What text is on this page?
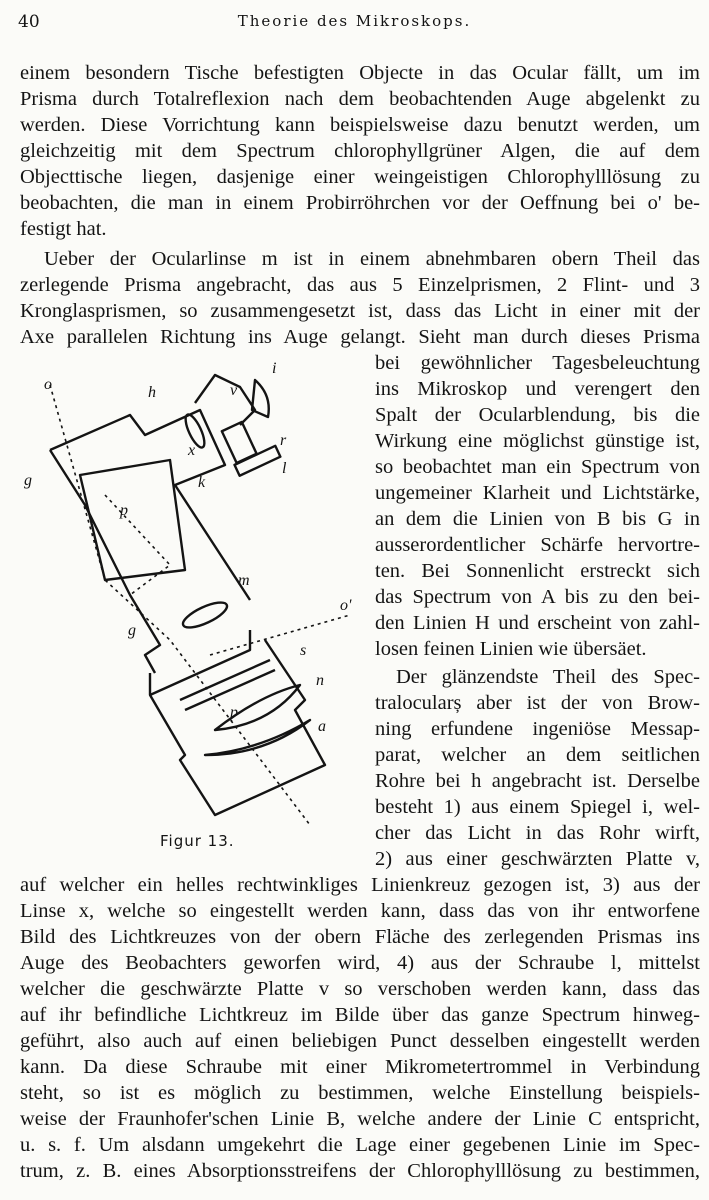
40	Theorie des Mikroskops.
einem besondern Tische befestigten Objecte in das Ocular fällt, um im
Prisma durch Totalreflexion nach dem beobachtenden Auge abgelenkt zu
werden. Diese Vorrichtung kann beispielsweise dazu benutzt werden, um
gleichzeitig mit dem Spectrum chlorophyllgrüner Algen, die auf dem
Objecttische liegen, dasjenige einer weingeistigen Chlorophylllösung zu
beobachten, die man in einem Probirröhrchen vor der Oeffnung bei o' be-
festigt hat.
Ueber der Ocularlinse m ist in einem abnehmbaren obern Theil das
zerlegende Prisma angebracht, das aus 5 Einzelprismen, 2 Flint- und 3
Kronglasprismen, so zusammengesetzt ist, dass das Licht in einer mit der
Axe parallelen Richtung ins Auge gelangt. Sieht man durch dieses Prisma
bei gewöhnlicher Tagesbeleuchtung
ins Mikroskop und verengert den
Spalt der Ocularblendung, bis die
Wirkung eine möglichst günstige ist,
so beobachtet man ein Spectrum von
ungemeiner Klarheit und Lichtstärke,
an dem die Linien von B bis G in
ausserordentlicher Schärfe hervortre-
ten. Bei Sonnenlicht erstreckt sich
das Spectrum von A bis zu den bei-
den Linien H und erscheint von zahl-
losen feinen Linien wie übersäet.
Der glänzendste Theil des Spec-
tralocularș aber ist der von Brow-
ning erfundene ingeniöse Messap-
parat, welcher an dem seitlichen
Rohre bei h angebracht ist. Derselbe
besteht 1) aus einem Spiegel i, wel-
cher das Licht in das Rohr wirft,
2) aus einer geschwärzten Platte v,
auf welcher ein helles rechtwinkliges Linienkreuz gezogen ist, 3) aus der
Linse x, welche so eingestellt werden kann, dass das von ihr entworfene
Bild des Lichtkreuzes von der obern Fläche des zerlegenden Prismas ins
Auge des Beobachters geworfen wird, 4) aus der Schraube l, mittelst
welcher die geschwärzte Platte v so verschoben werden kann, dass das
auf ihr befindliche Lichtkreuz im Bilde über das ganze Spectrum hinweg-
geführt, also auch auf einen beliebigen Punct desselben eingestellt werden
kann. Da diese Schraube mit einer Mikrometertrommel in Verbindung
steht, so ist es möglich zu bestimmen, welche Einstellung beispiels-
weise der Fraunhofer'schen Linie B, welche andere der Linie C entspricht,
u. s. f. Um alsdann umgekehrt die Lage einer gegebenen Linie im Spec-
trum, z. B. eines Absorptionsstreifens der Chlorophylllösung zu bestimmen,
o	h
i
v
r
x
l
k
g
p
m
g
o'
s
n
p
a
Figur 13.
